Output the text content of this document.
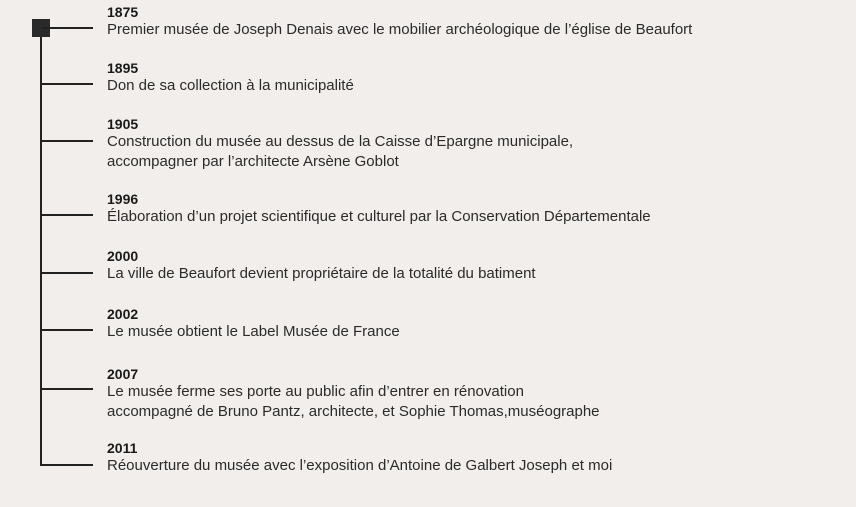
1875
Premier musée de Joseph Denais avec le mobilier archéologique de l’église de Beaufort
1895
Don de sa collection à la municipalité
1905
Construction du musée au dessus de la Caisse d’Epargne municipale,
accompagner par l’architecte Arsène Goblot
1996
Élaboration d’un projet scientifique et culturel par la Conservation Départementale
2000
La ville de Beaufort devient propriétaire de la totalité du batiment
2002
Le musée obtient le Label Musée de France
2007
Le musée ferme ses porte au public afin d’entrer en rénovation
accompagné de Bruno Pantz, architecte, et Sophie Thomas,muséographe
2011
Réouverture du musée avec l’exposition d’Antoine de Galbert Joseph et moi
